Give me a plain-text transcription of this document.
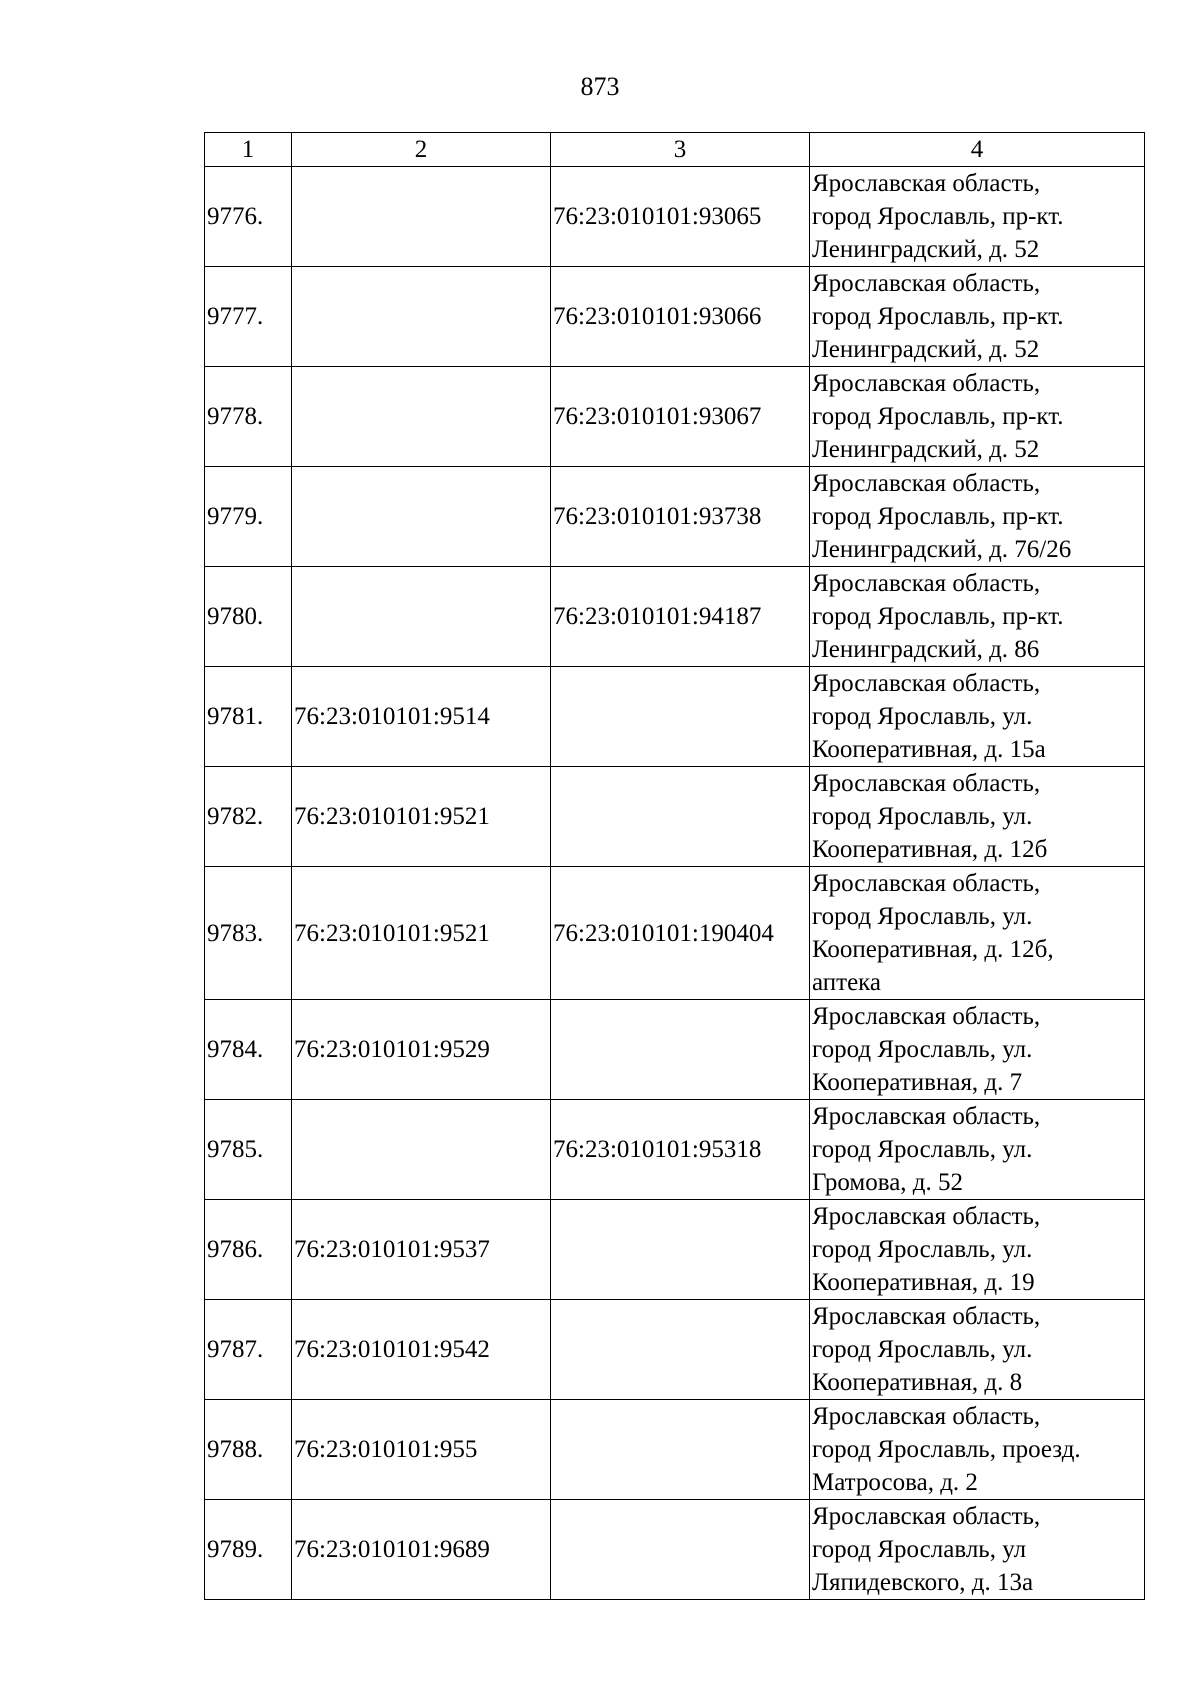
873
1	2	3	4
9776.		76:23:010101:93065	Ярославская область,
город Ярославль, пр-кт.
Ленинградский, д. 52
9777.		76:23:010101:93066	Ярославская область,
город Ярославль, пр-кт.
Ленинградский, д. 52
9778.		76:23:010101:93067	Ярославская область,
город Ярославль, пр-кт.
Ленинградский, д. 52
9779.		76:23:010101:93738	Ярославская область,
город Ярославль, пр-кт.
Ленинградский, д. 76/26
9780.		76:23:010101:94187	Ярославская область,
город Ярославль, пр-кт.
Ленинградский, д. 86
9781.	76:23:010101:9514		Ярославская область,
город Ярославль, ул.
Кооперативная, д. 15а
9782.	76:23:010101:9521		Ярославская область,
город Ярославль, ул.
Кооперативная, д. 12б
9783.	76:23:010101:9521	76:23:010101:190404	Ярославская область,
город Ярославль, ул.
Кооперативная, д. 12б,
аптека
9784.	76:23:010101:9529		Ярославская область,
город Ярославль, ул.
Кооперативная, д. 7
9785.		76:23:010101:95318	Ярославская область,
город Ярославль, ул.
Громова, д. 52
9786.	76:23:010101:9537		Ярославская область,
город Ярославль, ул.
Кооперативная, д. 19
9787.	76:23:010101:9542		Ярославская область,
город Ярославль, ул.
Кооперативная, д. 8
9788.	76:23:010101:955		Ярославская область,
город Ярославль, проезд.
Матросова, д. 2
9789.	76:23:010101:9689		Ярославская область,
город Ярославль, ул
Ляпидевского, д. 13а
